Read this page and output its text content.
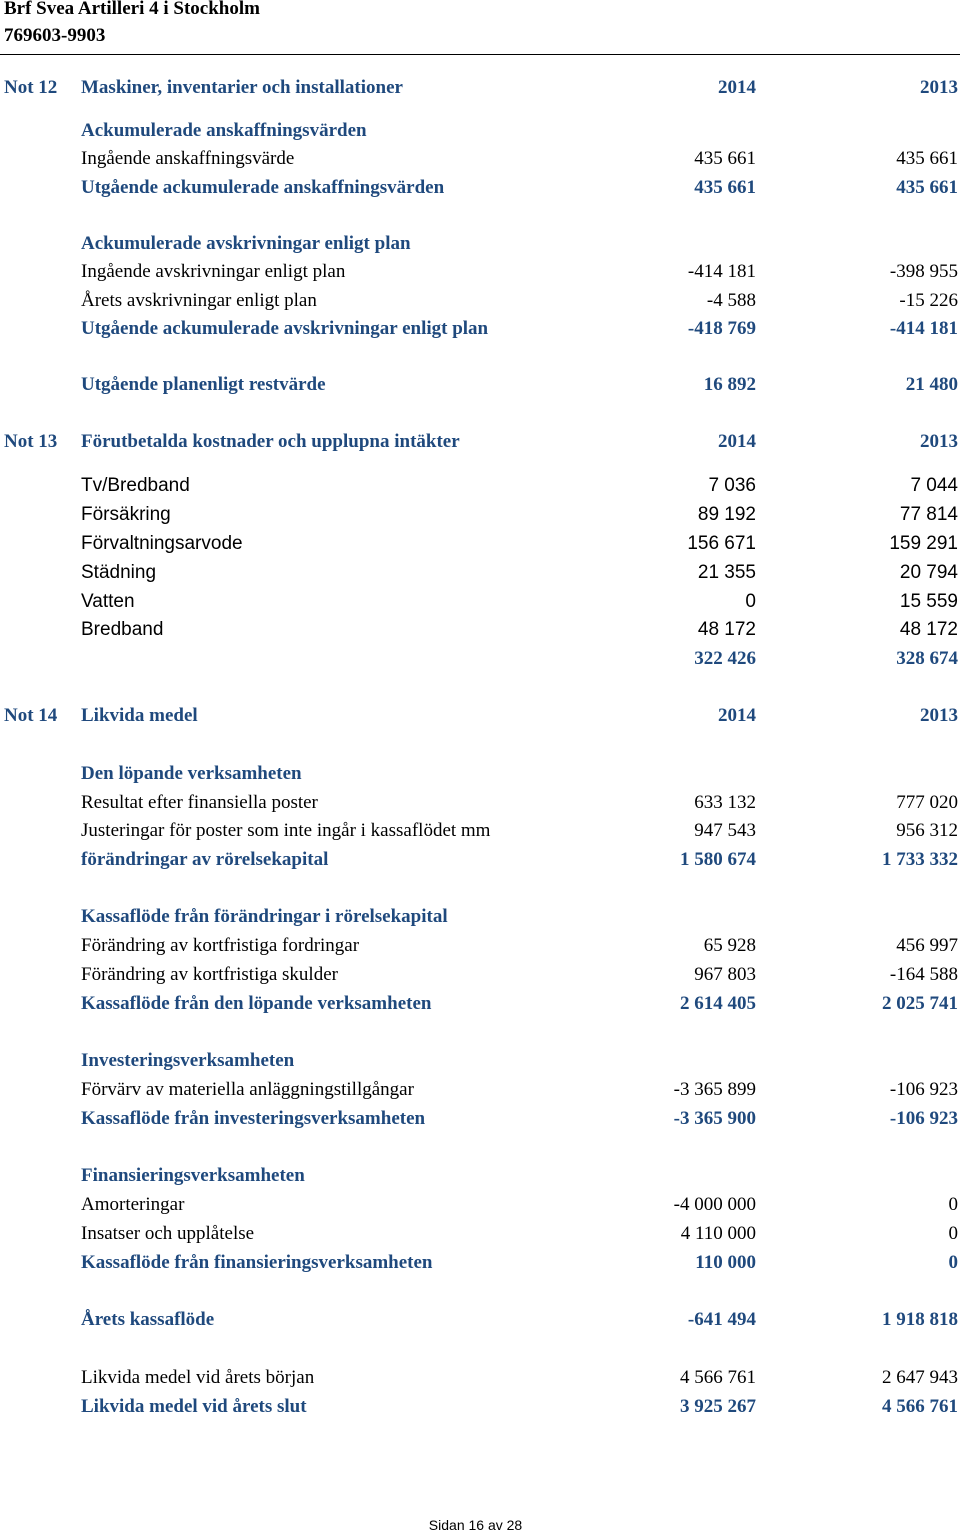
Brf Svea Artilleri 4 i Stockholm
769603-9903
Not 12 Maskiner, inventarier och installationer	2014	2013
Ackumulerade anskaffningsvärden
Ingående anskaffningsvärde	435 661	435 661
Utgående ackumulerade anskaffningsvärden	435 661	435 661
Ackumulerade avskrivningar enligt plan
Ingående avskrivningar enligt plan	-414 181	-398 955
Årets avskrivningar enligt plan	-4 588	-15 226
Utgående ackumulerade avskrivningar enligt plan	-418 769	-414 181
Utgående planenligt restvärde	16 892	21 480
Not 13 Förutbetalda kostnader och upplupna intäkter	2014	2013
Tv/Bredband	7 036	7 044
Försäkring	89 192	77 814
Förvaltningsarvode	156 671	159 291
Städning	21 355	20 794
Vatten	0	15 559
Bredband	48 172	48 172
322 426	328 674
Not 14 Likvida medel	2014	2013
Den löpande verksamheten
Resultat efter finansiella poster	633 132	777 020
Justeringar för poster som inte ingår i kassaflödet mm	947 543	956 312
förändringar av rörelsekapital	1 580 674	1 733 332
Kassaflöde från förändringar i rörelsekapital
Förändring av kortfristiga fordringar	65 928	456 997
Förändring av kortfristiga skulder	967 803	-164 588
Kassaflöde från den löpande verksamheten	2 614 405	2 025 741
Investeringsverksamheten
Förvärv av materiella anläggningstillgångar	-3 365 899	-106 923
Kassaflöde från investeringsverksamheten	-3 365 900	-106 923
Finansieringsverksamheten
Amorteringar	-4 000 000	0
Insatser och upplåtelse	4 110 000	0
Kassaflöde från finansieringsverksamheten	110 000	0
Årets kassaflöde	-641 494	1 918 818
Likvida medel vid årets början	4 566 761	2 647 943
Likvida medel vid årets slut	3 925 267	4 566 761
Sidan 16 av 28
